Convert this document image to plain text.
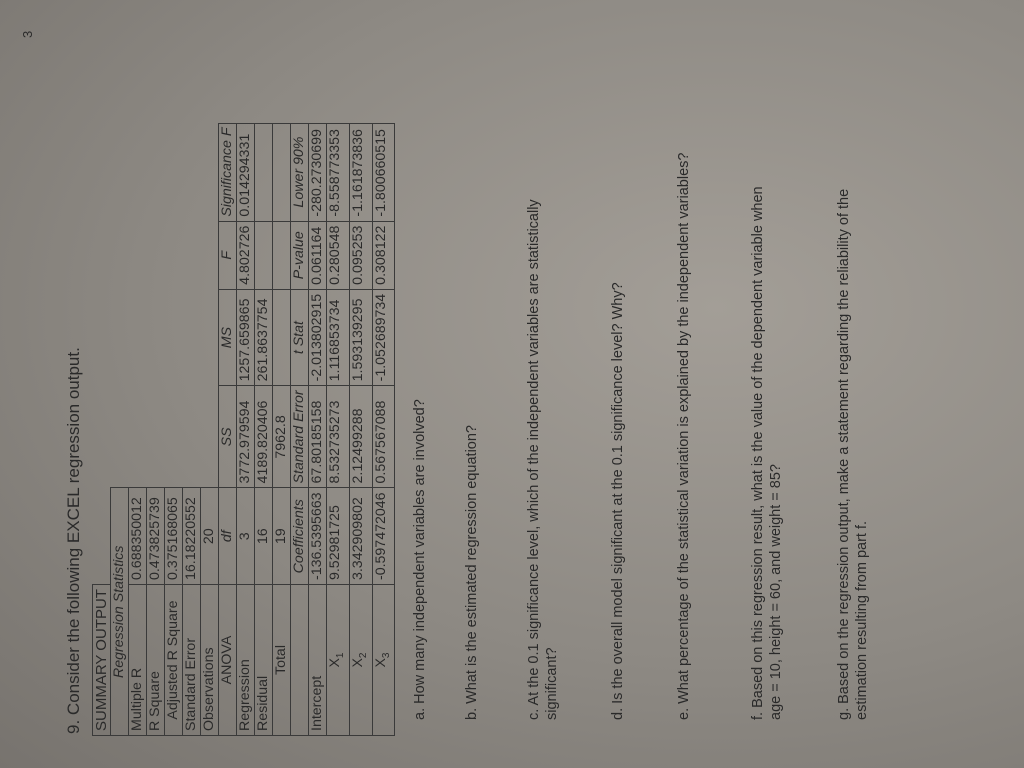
3
9. Consider the following EXCEL regression output. SUMMARY OUTPUT					
Regression Statistics					
Multiple R	0.688350012				
R Square	0.473825739				
Adjusted R Square	0.375168065				
Standard Error	16.18220552				
Observations	20				
ANOVA	df	SS	MS	F	Significance F
Regression	3	3772.979594	1257.659865	4.802726	0.014294331
Residual	16	4189.820406	261.8637754		
Total	19	7962.8			
	Coefficients	Standard Error	t Stat	P-value	Lower 90%
Intercept	-136.5395663	67.80185158	-2.013802915	0.061164	-280.2730699
$X_1$	9.52981725	8.532735273	1.116853734	0.280548	-8.558773353
$X_2$	3.342909802	2.12499288	1.593139295	0.095253	-1.161873836
$X_3$	-0.597472046	0.567567088	-1.052689734	0.308122	-1.800660515
a. How many independent variables are involved? b. What is the estimated regression equation?	c. At the 0.1 significance level, which of the independent variables are statistically significant?	d. Is the overall model significant at the 0.1 significance level? Why?	e. What percentage of the statistical variation is explained by the independent variables?	f. Based on this regression result, what is the value of the dependent variable when age = 10, height = 60, and weight = 85?	g. Based on the regression output, make a statement regarding the reliability of the estimation resulting from part f.
